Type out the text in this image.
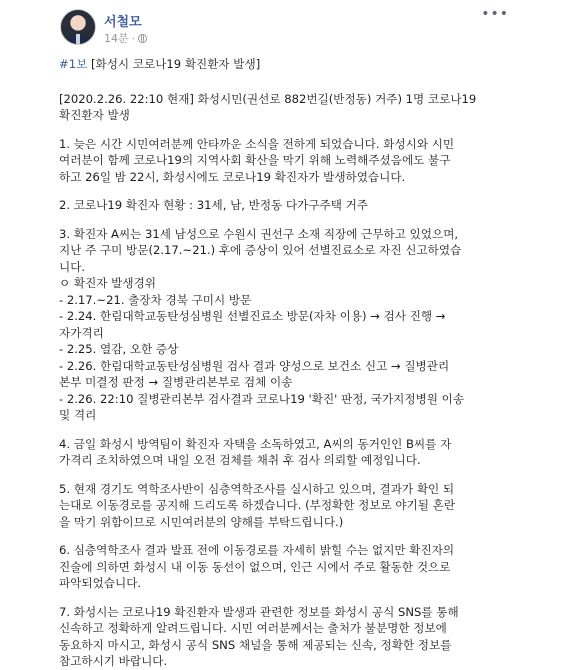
서철모
14분 ·
•••

#1보 [화성시 코로나19 확진환자 발생]

[2020.2.26. 22:10 현재] 화성시민(권선로 882번길(반정동) 거주) 1명 코로나19

확진환자 발생

1. 늦은 시간 시민여러분께 안타까운 소식을 전하게 되었습니다. 화성시와 시민

여러분이 함께 코로나19의 지역사회 확산을 막기 위해 노력해주셨음에도 불구

하고 26일 밤 22시, 화성시에도 코로나19 확진자가 발생하였습니다.

2. 코로나19 확진자 현황 : 31세, 남, 반정동 다가구주택 거주

3. 확진자 A씨는 31세 남성으로 수원시 권선구 소재 직장에 근무하고 있었으며,

지난 주 구미 방문(2.17.~21.) 후에 증상이 있어 선별진료소로 자진 신고하였습

니다.

ㅇ 확진자 발생경위

- 2.17.~21. 출장차 경북 구미시 방문

- 2.24. 한림대학교동탄성심병원 선별진료소 방문(자차 이용) → 검사 진행 →

자가격리

- 2.25. 열감, 오한 증상

- 2.26. 한림대학교동탄성심병원 검사 결과 양성으로 보건소 신고 → 질병관리

본부 미결정 판정 → 질병관리본부로 검체 이송

- 2.26. 22:10 질병관리본부 검사결과 코로나19 '확진' 판정, 국가지정병원 이송

및 격리

4. 금일 화성시 방역팀이 확진자 자택을 소독하였고, A씨의 동거인인 B씨를 자

가격리 조치하였으며 내일 오전 검체를 채취 후 검사 의뢰할 예정입니다.

5. 현재 경기도 역학조사반이 심층역학조사를 실시하고 있으며, 결과가 확인 되

는대로 이동경로를 공지해 드리도록 하겠습니다. (부정확한 정보로 야기될 혼란

을 막기 위함이므로 시민여러분의 양해를 부탁드립니다.)

6. 심층역학조사 결과 발표 전에 이동경로를 자세히 밝힐 수는 없지만 확진자의

진술에 의하면 화성시 내 이동 동선이 없으며, 인근 시에서 주로 활동한 것으로

파악되었습니다.

7. 화성시는 코로나19 확진환자 발생과 관련한 정보를 화성시 공식 SNS를 통해

신속하고 정확하게 알려드립니다. 시민 여러분께서는 출처가 불분명한 정보에

동요하지 마시고, 화성시 공식 SNS 채널을 통해 제공되는 신속, 정확한 정보를

참고하시기 바랍니다.
